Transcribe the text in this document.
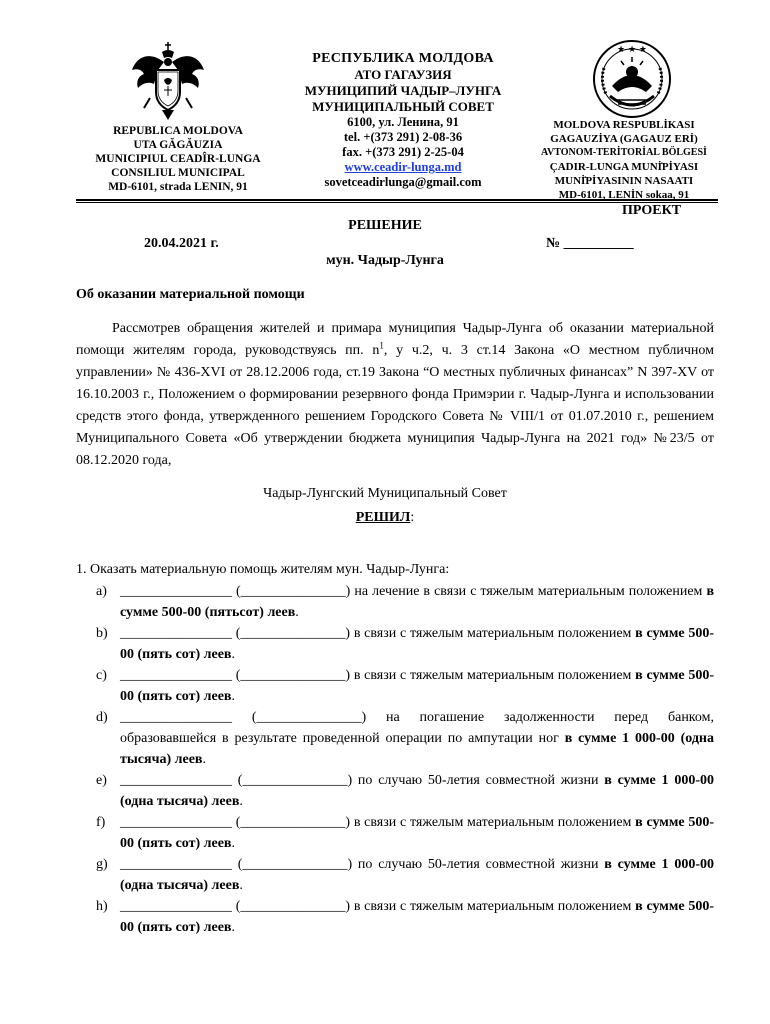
★ ★ ★
REPUBLICA MOLDOVA
UTA GĂGĂUZIA
MUNICIPIUL CEADÎR-LUNGA
CONSILIUL MUNICIPAL
MD-6101, strada LENIN, 91
РЕСПУБЛИКА МОЛДОВА
АТО ГАГАУЗИЯ
МУНИЦИПИЙ ЧАДЫР–ЛУНГА
МУНИЦИПАЛЬНЫЙ СОВЕТ
6100, ул. Ленина, 91
tel. +(373 291) 2-08-36
fax. +(373 291) 2-25-04
www.ceadir-lunga.md
sovetceadirlunga@gmail.com
MOLDOVA RESPUBLİKASI
GAGAUZİYA (GAGAUZ ERİ)
AVTONOM-TERİTORİAL BÖLGESİ
ÇADIR-LUNGA MUNİ̇PİYASI
MUNİ̇PİYASININ NASAATI
MD-6101, LENİN sokaa, 91
ПРОЕКТ
РЕШЕНИЕ
20.04.2021 г.	№ __________
мун. Чадыр-Лунга
Об оказании материальной помощи
Рассмотрев обращения жителей и примара муниципия Чадыр-Лунга об оказании материальной помощи жителям города, руководствуясь пп. $n^1$, у ч.2, ч. 3 ст.14 Закона «О местном публичном управлении» № 436-XVI от 28.12.2006 года, ст.19 Закона “О местных публичных финансах” N 397-XV от 16.10.2003 г., Положением о формировании резервного фонда Примэрии г. Чадыр-Лунга и использовании средств этого фонда, утвержденного решением Городского Совета № VIII/1 от 01.07.2010 г., решением Муниципального Совета «Об утверждении бюджета муниципия Чадыр-Лунга на 2021 год» №23/5 от 08.12.2020 года,
Чадыр-Лунгский Муниципальный Совет
РЕШИЛ:
1. Оказать материальную помощь жителям мун. Чадыр-Лунга:
a) ________________ (_______________) на лечение в связи с тяжелым материальным положением в сумме 500-00 (пятьсот) леев.
b) ________________ (_______________) в связи с тяжелым материальным положением в сумме 500-00 (пять сот) леев.
c) ________________ (_______________) в связи с тяжелым материальным положением в сумме 500-00 (пять сот) леев.
d) ________________ (_______________) на погашение задолженности перед банком, образовавшейся в результате проведенной операции по ампутации ног в сумме 1 000-00 (одна тысяча) леев.
e) ________________ (_______________) по случаю 50-летия совместной жизни в сумме 1 000-00 (одна тысяча) леев.
f) ________________ (_______________) в связи с тяжелым материальным положением в сумме 500-00 (пять сот) леев.
g) ________________ (_______________) по случаю 50-летия совместной жизни в сумме 1 000-00 (одна тысяча) леев.
h) ________________ (_______________) в связи с тяжелым материальным положением в сумме 500-00 (пять сот) леев.
